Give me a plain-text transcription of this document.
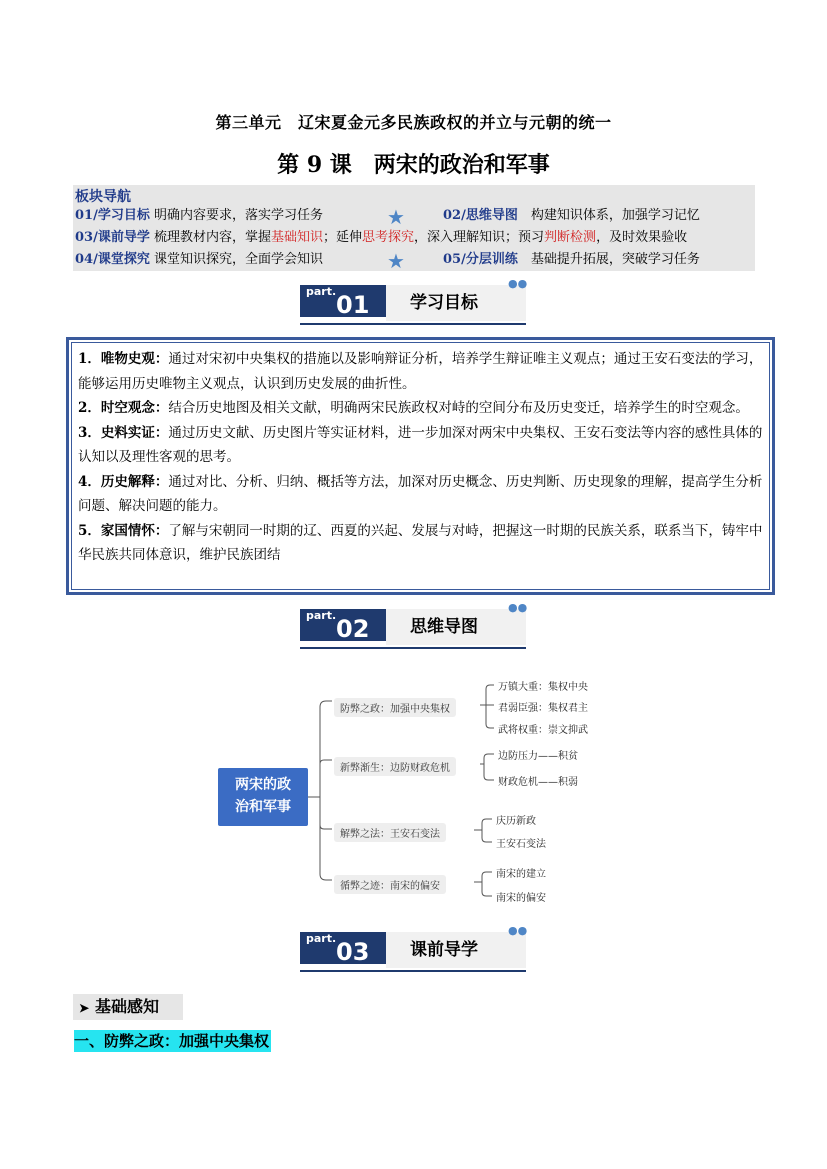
第三单元　辽宋夏金元多民族政权的并立与元朝的统一
第 9 课　两宋的政治和军事
板块导航
01/学习目标 明确内容要求，落实学习任务	★	02/思维导图　构建知识体系，加强学习记忆
03/课前导学 梳理教材内容，掌握基础知识；延伸思考探究，深入理解知识；预习判断检测，及时效果验收
04/课堂探究 课堂知识探究，全面学会知识	★	05/分层训练　基础提升拓展，突破学习任务
part. 01	学习目标
●●

1．唯物史观：通过对宋初中央集权的措施以及影响辩证分析，培养学生辩证唯主义观点；通过王安石变法的学习，能够运用历史唯物主义观点，认识到历史发展的曲折性。

2．时空观念：结合历史地图及相关文献，明确两宋民族政权对峙的空间分布及历史变迁，培养学生的时空观念。

3．史料实证：通过历史文献、历史图片等实证材料，进一步加深对两宋中央集权、王安石变法等内容的感性具体的认知以及理性客观的思考。

4．历史解释：通过对比、分析、归纳、概括等方法，加深对历史概念、历史判断、历史现象的理解，提高学生分析问题、解决问题的能力。

5．家国情怀：了解与宋朝同一时期的辽、西夏的兴起、发展与对峙，把握这一时期的民族关系，联系当下，铸牢中华民族共同体意识，维护民族团结

part. 02	思维导图
●●
两宋的政
治和军事
防弊之政：加强中央集权
万镇大重：集权中央
君弱臣强：集权君主
武将权重：崇文抑武
新弊渐生：边防财政危机
边防压力——积贫
财政危机——积弱
解弊之法：王安石变法
庆历新政
王安石变法
循弊之迹：南宋的偏安
南宋的建立
南宋的偏安
part. 03	课前导学
●●
➤ 基础感知
一、防弊之政：加强中央集权
